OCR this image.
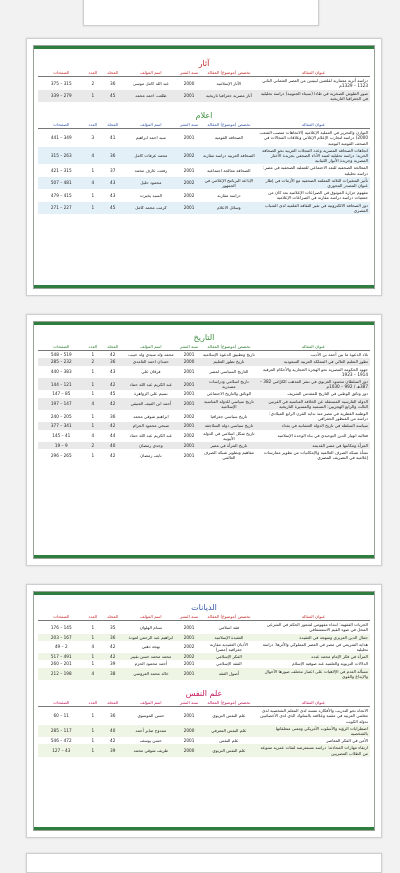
آثار

عنوان المقالة	تخصص (موضوع) المقالة	سنة النشر	اسم المؤلف	المجلد	العدد	الصفحات
دراسة أثرية معمارية لقلعتين ليبيتين من العصر العثماني الثاني 1123 – 1329م	الآثار الإسلامية	2000	عبد الله كامل موسى	36	2	315 – 375
صور الطوش الصخرية في طادا (سيناء الجنوبية) دراسة تحليلية في الجغرافيا التاريخية	آثار مصرية جغرافيا تاريخية	2001	طلعت احمد محمد	45	1	279 – 339

اعلام

عنوان المقالة	تخصص (موضوع) المقالة	سنة النشر	اسم المؤلف	المجلد	العدد	الصفحات
التوازن والتحرير في العملية الإعلامية (الاتجاهات منصب الشعب 2000) دراسة لتجارب الإعلام الإعلاني وعلاقات المجالات في الصحف القومية اليومية	الصحافة القومية	2001	سيد احمد ابراهيم	41	3	349 – 441
اتجاهات الصحافة المصرية وعدد المجلات العربية نحو الصحافة الحرية: دراسة تحليلية لعينة الأداء الصحفي بجريدة الأخبار المصرية وجريدة الأنوار اللبنانية	الصحافة العربية دراسة مقارنة	2002	محمد عرفات كامل	36	4	263 – 315
المعالجة الصحفية للبعد الاجتماعي للعملية الصحفية في مصر: دراسة تحليلية	الصحافة معالجة اجتماعية	2001	رفعت عارف محمد	37	1	315 – 421
تأثير المتغيرات الثلاثة المعلمة الصحفية مع الأزمات في إطار عنوان المصدر المحوري	الإذاعة البرنامج الإعلامي في الجمهور	2002	محمود حليل	43	4	481 – 507
مفهوم حرارة الموثوق في الصراعات الإعلامية بعد كان من جمعيات دراسة دراسة مقارنة في الصراعات الإعلامية	دراسة مقارنة	2002	السيد يخيرت	43	1	415 – 479
دور الصحافة الالكترونية في تغير الثقافة العلمية لدى الشباب المصري	وسائل الاعلام	2001	كرمت محمد كامل	45	1	227 – 271

التاريخ

عنوان المقالة	تخصص (موضوع) المقالة	سنة النشر	اسم المؤلف	المجلد	العدد	الصفحات
بلاد الدعوة ما بين أحمد بن الأديب	تاريخ وتطبيق الدعوة الإسلامية	2001	محمد ولد سيدي ولد حبيب	42	1	519 – 548
تطور التعليم العالي في المملكة العربية السعودية	تاريخ تطور التعليم	2000	حمدان احمد الغامدي	36	2	232 – 285
جهود الحكومة المصرية نحو الهجرة الحجازية والأحكام العرفية 1914 – 1923	التاريخ السياسي لمصر	2001	فرقان علي	43	1	383 – 440
دور السلطان محمود الغزنوي في نشر المذهب الكرّامي 382 – 387هـ / 992 – 1030م	تاريخ اسلامي ودراسات مصدرية	2001	عبد الكريم عبد الله حماد	42	1	121 – 144
دور وثائق الوطني في التاريخ للمقدس الشريف	الوثائق والتاريخ الاجتماعي	2001	نسيم علي الزواهرة	45	1	85 – 147
الدولة الفارسية المستقلة عن الخلافة العباسية في القرنين الثالث والرابع الهجريين: التسمية والمسيرة التاريخية	تاريخ سياسي للدولة العباسية الإسلامية	2001	أحمد ابن الفيف العتيقي	42	4	147 – 197
الوطنية القطرية في مصر منذ بداية القرن الرابع الميلادي: دراسة من المنظور الجغرافي	تاريخ سياسي جغرافيا	2002	ابراهيم شوقي محمد	36	1	205 – 240
سياسة السلطة في تاريخ الدولة العثمانية في بغداد	تاريخ سياسي دولة السلاجقة	2001	صبحي محمود الحرام	42	1	341 – 377
فعالية انهيار الدين التوحيدي في بناء الوحدة الإسلامية	تاريخ شكل اسلامي في الدولة الأيوبية	2002	عبد الكريم عبد الله حماد	44	4	41 – 145
المرأة ومكانتها في مصر القديمة	تاريخ المرأة في مصر	2001	وجدي رمضان	40	2	9 – 19
نشأة شبكة الصرف العالمية والإمكانيات من تطوير ممارسات إعلامية في التصريف المصري	مفاهيم وتطوير شبكة الصرف العالمي	2001	نايف رمضان	42	1	265 – 296

الديانات

عنوان المقالة	تخصص (موضوع) المقالة	سنة النشر	اسم المؤلف	المجلد	العدد	الصفحات
الحريات الفقهية: ابتداء مفهومي لشعور الحكم في الشرعي المحل في ضوء القيم الاستشفاقي	فقه اسلامي	2001	بسام الهلوان	35	1	145 – 176
جمال الدين العزيزي ومنهجه في العقيدة	العقيدة الإسلامية	2001	ابراهيم عبد الرحمن لعودة	36	1	167 – 203
هداية الشريعي في مصر في العصر المملوكي والأثرها: دراسة تحليلية	الأديان العقيدية مقارنة جغرافية (مصر)	2002	بهجة دهبي	42	4	2 – 49
المرأة في فكر الإمام محمد عبده	الفكر الإسلامي	2002	محمد محمد حسن نقيبر	42	1	491 – 517
الدلالات التربوية والعلمية عند صوفية الإسلام	الفقه الإسلامي	2001	أحمد محمود الحرم	39	1	201 – 260
مسألة العدم في الإلاهيات على اعتبار مختلف صورها الأحوال والإبداع والقوى	أصول الفقه	2001	خالد محمد العروسي	38	4	198 – 212

علم النفس

عنوان المقالة	تخصص (موضوع) المقالة	سنة النشر	اسم المؤلف	المجلد	العدد	الصفحات
الاتجاه نحو التدريب والأفكاره نفسه لدى المعلم الشخصية لدى معلمي العربية في مقتبة وعلاقته بالسلوك الذي لدى الأخصائيين بدولة الكويت	علم النفس التربوي	2001	حسن الموسوي	36	1	11 – 60
اضطرابات الرؤية والأسلوب الأمريكي ومعنى متعلقاتها بالشخصية	علم النفس المعرفي	2000	ممدوح صابر أحمد	40	1	117 – 285
الأمن في الفكر المعاصر	علم النفس	2001	حسن يوسف	42	1	472 – 546
ارتقاء مهارات المحادثة: دراسة مستعرضة لفئات عمرية متنوعة من الطلاب المصريين	علم النفس التربوي	2000	طريف شوقي محمد	39	1	43 – 127
